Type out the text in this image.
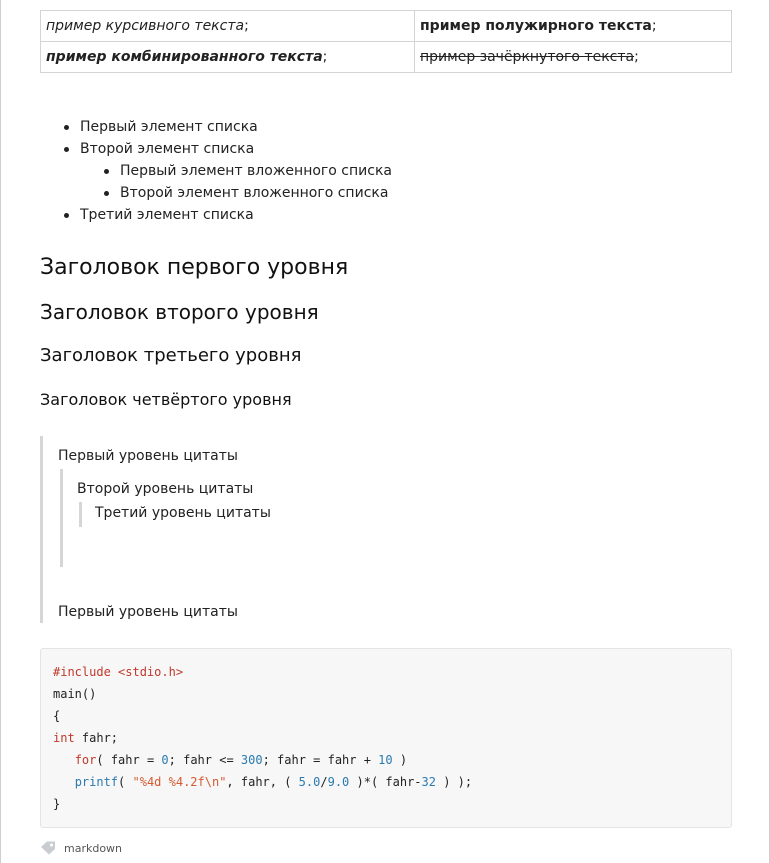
пример курсивного текста;	пример полужирного текста;
пример комбинированного текста;	пример зачёркнутого текста;
Первый элемент списка
Второй элемент списка
Первый элемент вложенного списка
Второй элемент вложенного списка
Третий элемент списка
Заголовок первого уровня
Заголовок второго уровня
Заголовок третьего уровня
Заголовок четвёртого уровня
Первый уровень цитаты
Второй уровень цитаты
Третий уровень цитаты
Первый уровень цитаты
#include <stdio.h>
main()
{
int fahr;
for( fahr = 0; fahr <= 300; fahr = fahr + 10 )
printf( "%4d %4.2f\n", fahr, ( 5.0/9.0 )*( fahr-32 ) );
}
markdown
